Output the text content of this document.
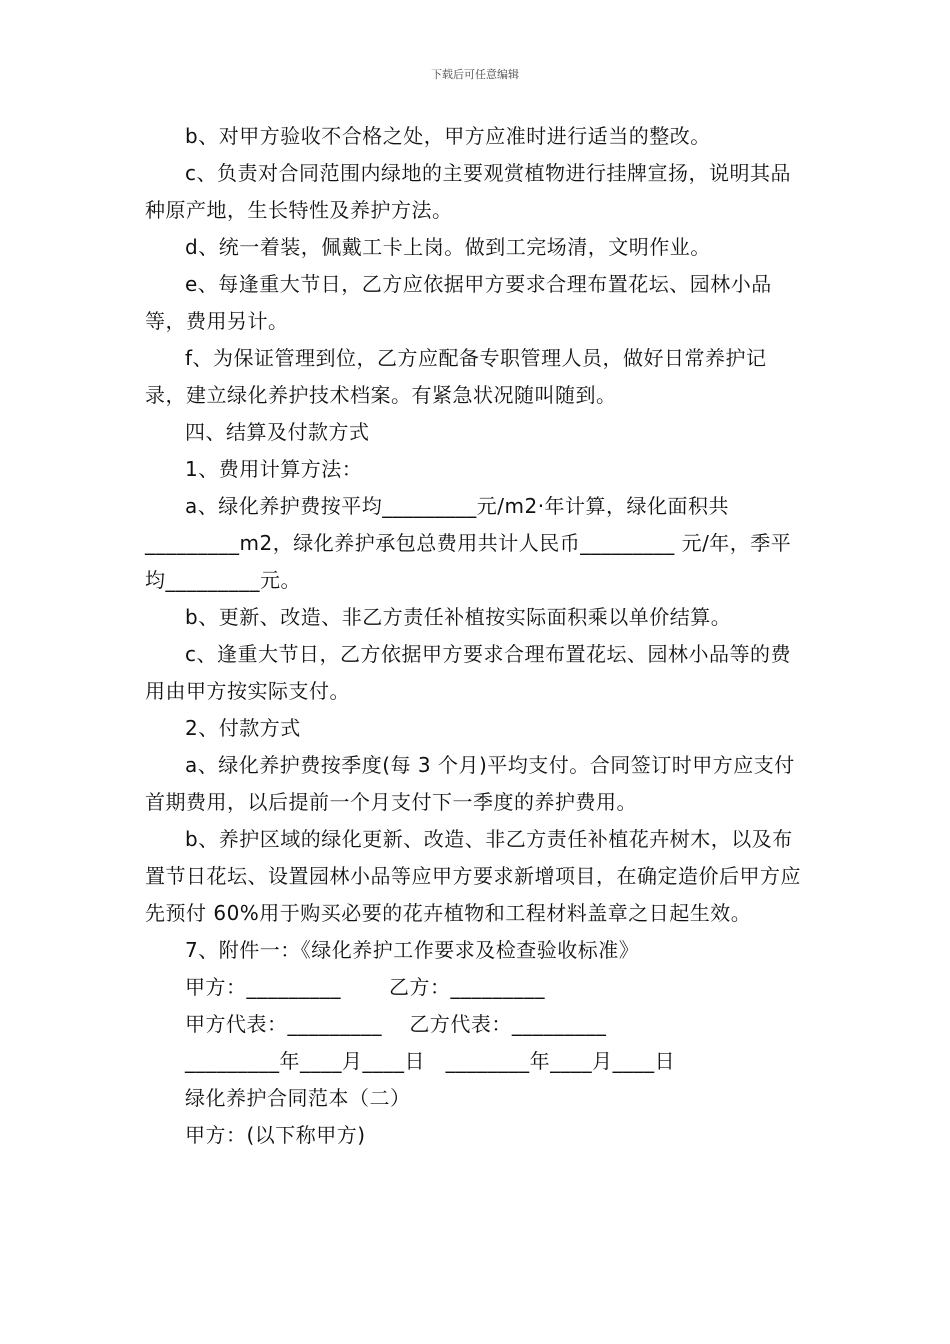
下载后可任意编辑

b、对甲方验收不合格之处，甲方应准时进行适当的整改。

c、负责对合同范围内绿地的主要观赏植物进行挂牌宣扬，说明其品种原产地，生长特性及养护方法。

d、统一着装，佩戴工卡上岗。做到工完场清，文明作业。

e、每逢重大节日，乙方应依据甲方要求合理布置花坛、园林小品等，费用另计。

f、为保证管理到位，乙方应配备专职管理人员，做好日常养护记录，建立绿化养护技术档案。有紧急状况随叫随到。

四、结算及付款方式

1、费用计算方法：

a、绿化养护费按平均_________元/m2·年计算，绿化面积共_________m2，绿化养护承包总费用共计人民币_________ 元/年，季平均_________元。

b、更新、改造、非乙方责任补植按实际面积乘以单价结算。

c、逢重大节日，乙方依据甲方要求合理布置花坛、园林小品等的费用由甲方按实际支付。

2、付款方式

a、绿化养护费按季度(每 3 个月)平均支付。合同签订时甲方应支付首期费用，以后提前一个月支付下一季度的养护费用。

b、养护区域的绿化更新、改造、非乙方责任补植花卉树木，以及布置节日花坛、设置园林小品等应甲方要求新增项目，在确定造价后甲方应先预付 60%用于购买必要的花卉植物和工程材料盖章之日起生效。

7、附件一：《绿化养护工作要求及检查验收标准》

甲方：_________       乙方：_________

甲方代表：_________    乙方代表：_________

_________年____月____日   ________年____月____日

绿化养护合同范本（二）

甲方：(以下称甲方)
